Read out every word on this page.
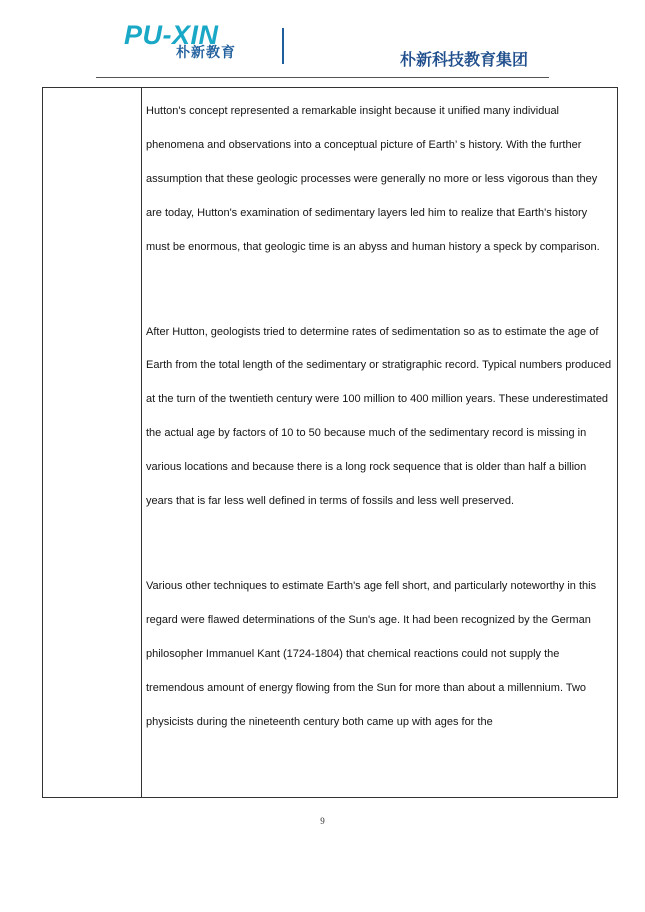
PU-XIN
朴新教育	朴新科技教育集团

Hutton's concept represented a remarkable insight because it unified many individual phenomena and observations into a conceptual picture of Earth’ s history. With the further assumption that these geologic processes were generally no more or less vigorous than they are today, Hutton's examination of sedimentary layers led him to realize that Earth's history must be enormous, that geologic time is an abyss and human history a speck by comparison.

After Hutton, geologists tried to determine rates of sedimentation so as to estimate the age of Earth from the total length of the sedimentary or stratigraphic record. Typical numbers produced at the turn of the twentieth century were 100 million to 400 million years. These underestimated the actual age by factors of 10 to 50 because much of the sedimentary record is missing in various locations and because there is a long rock sequence that is older than half a billion years that is far less well defined in terms of fossils and less well preserved.

Various other techniques to estimate Earth's age fell short, and particularly noteworthy in this regard were flawed determinations of the Sun's age. It had been recognized by the German philosopher Immanuel Kant (1724-1804) that chemical reactions could not supply the tremendous amount of energy flowing from the Sun for more than about a millennium. Two physicists during the nineteenth century both came up with ages for the

9
